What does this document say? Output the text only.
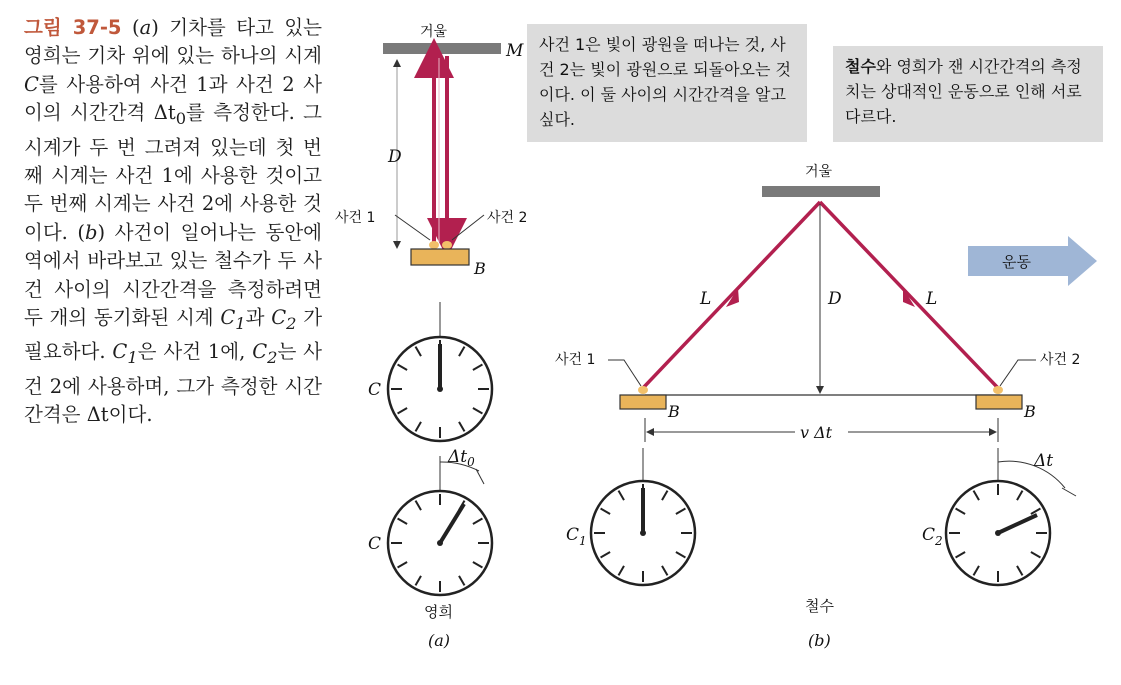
그림 37-5 (a) 기차를 타고 있는 영희는 기차 위에 있는 하나의 시계 C를 사용하여 사건 1과 사건 2 사이의 시간간격 $\Delta t_0$를 측정한다. 그 시계가 두 번 그려져 있는데 첫 번째 시계는 사건 1에 사용한 것이고 두 번째 시계는 사건 2에 사용한 것이다. (b) 사건이 일어나는 동안에 역에서 바라보고 있는 철수가 두 사건 사이의 시간간격을 측정하려면 두 개의 동기화된 시계 $C_1$과 $C_2$ 가 필요하다. $C_1$은 사건 1에, $C_2$는 사건 2에 사용하며, 그가 측정한 시간간격은 Δt이다.
사건 1은 빛이 광원을 떠나는 것, 사건 2는 빛이 광원으로 되돌아오는 것이다. 이 둘 사이의 시간간격을 알고 싶다.
철수와 영희가 잰 시간간격의 측정치는 상대적인 운동으로 인해 서로 다르다.
거울
M
D
사건 1	사건 2
B
C
$\Delta t_0$
C
영희
(a)
거울
운동
L	L
D
B	B
사건 1	사건 2
v Δt
$C_1$
Δt
$C_2$
철수
(b)
